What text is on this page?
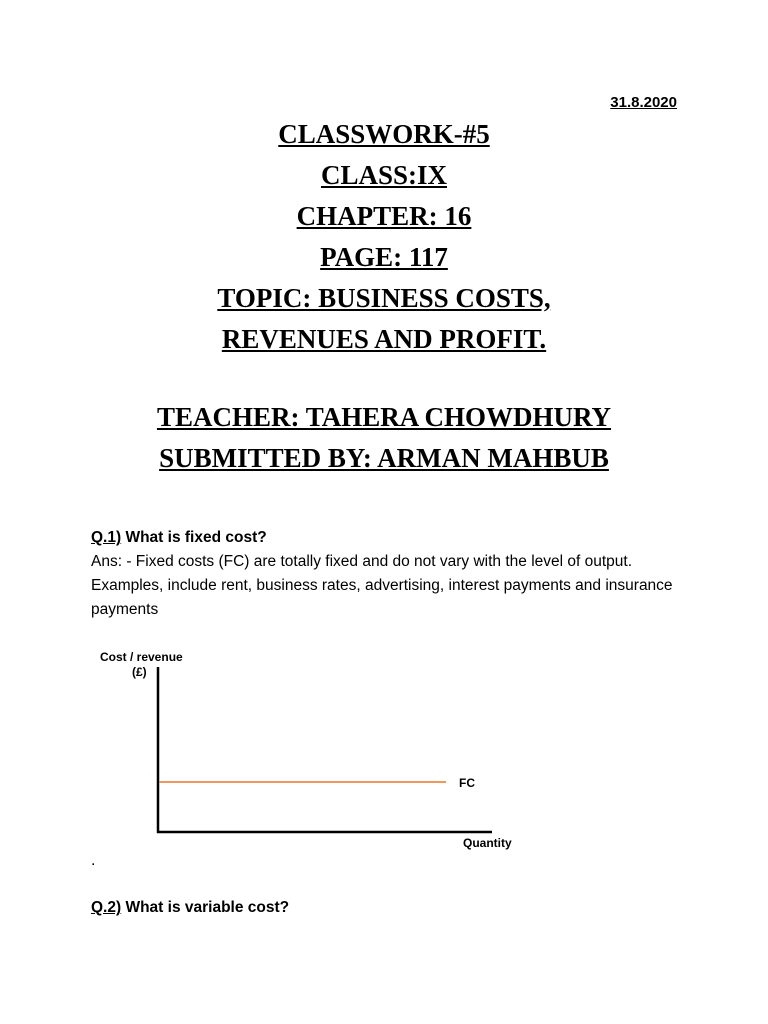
31.8.2020
CLASSWORK-#5
CLASS:IX
CHAPTER: 16
PAGE: 117
TOPIC: BUSINESS COSTS,
REVENUES AND PROFIT.
TEACHER: TAHERA CHOWDHURY
SUBMITTED BY: ARMAN MAHBUB
Q.1) What is fixed cost?
Ans: - Fixed costs (FC) are totally fixed and do not vary with the level of output. Examples, include rent, business rates, advertising, interest payments and insurance payments
Cost / revenue
(£)
FC
Quantity
.
Q.2) What is variable cost?
